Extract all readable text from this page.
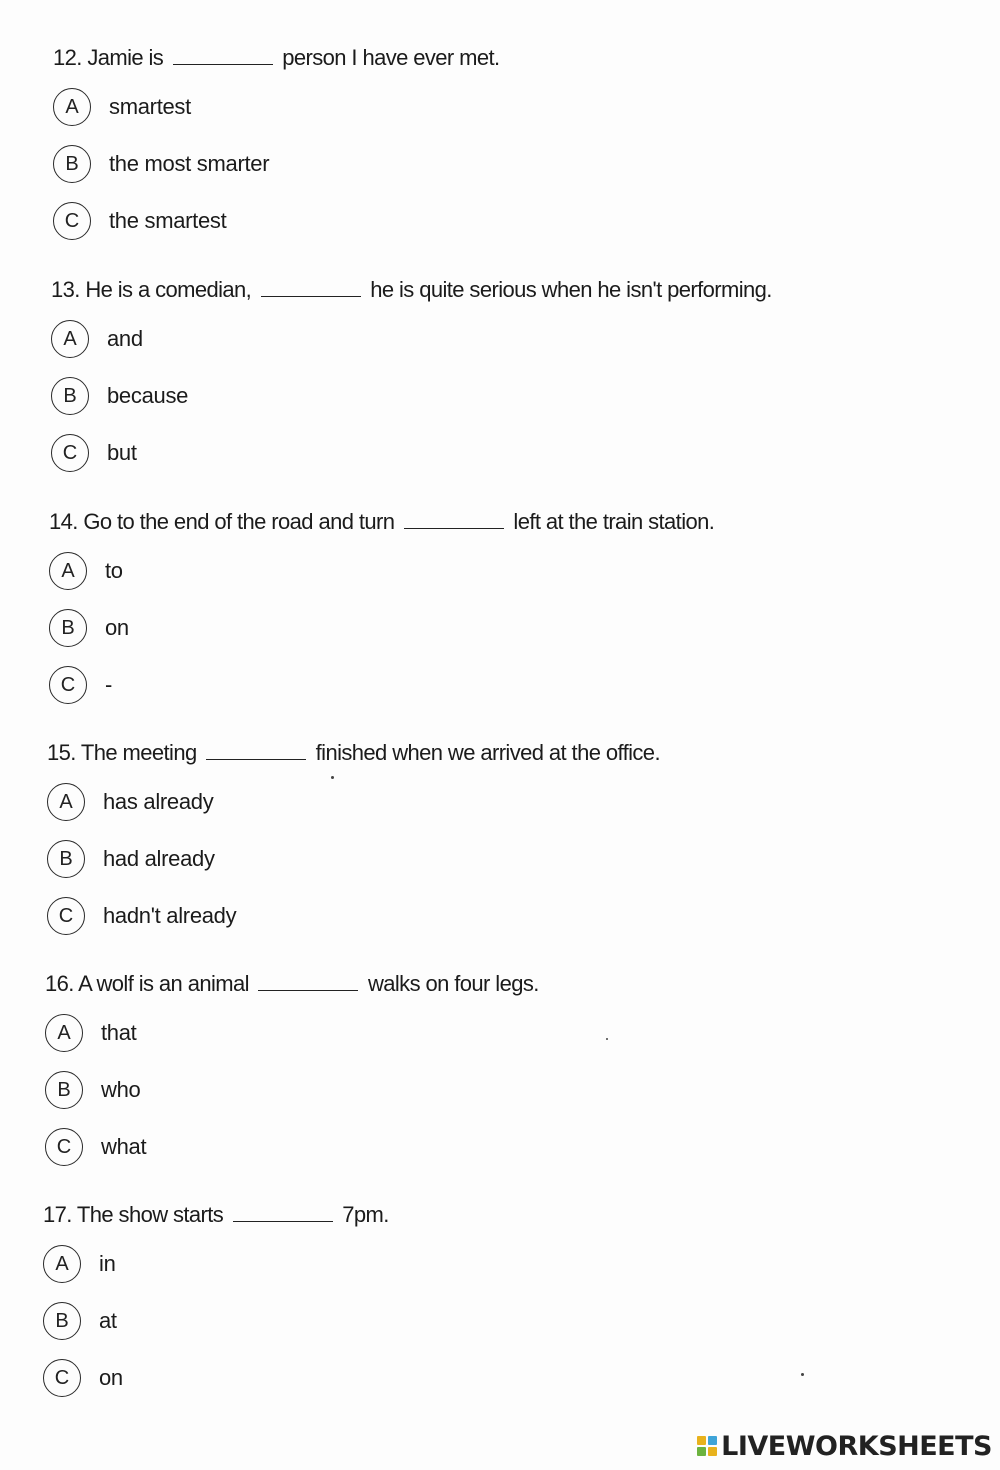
12. Jamie is	person I have ever met.
A	smartest
B	the most smarter
C	the smartest
13. He is a comedian,	he is quite serious when he isn't performing.
A	and
B	because
C	but
14. Go to the end of the road and turn	left at the train station.
A	to
B	on
C	-
15. The meeting	finished when we arrived at the office.
A	has already
B	had already
C	hadn't already
16. A wolf is an animal	walks on four legs.
A	that
B	who
C	what
17. The show starts	7pm.
A	in
B	at
C	on
LIVEWORKSHEETS
